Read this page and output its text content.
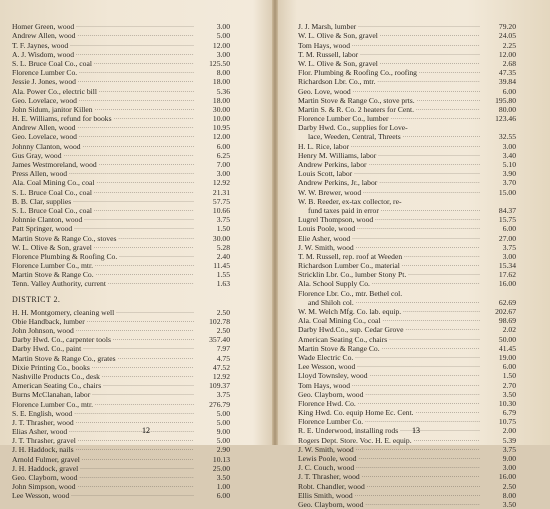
Homer Green, wood .....	3.00
Andrew Allen, wood .....	5.00
T. F. Jaynes, wood .....	12.00
A. J. Wisdom, wood .....	3.00
S. L. Bruce Coal Co., coal .....	125.50
Florence Lumber Co. .....	8.00
Jessie J. Jones, wood .....	18.00
Ala. Power Co., electric bill .....	5.36
Geo. Lovelace, wood .....	18.00
John Sidum, janitor Killen .....	30.00
H. E. Williams, refund for books .....	10.00
Andrew Allen, wood .....	10.95
Geo. Lovelace, wood .....	12.00
Johnny Clanton, wood .....	6.00
Gus Gray, wood .....	6.25
James Westmoreland, wood .....	7.00
Press Allen, wood .....	3.00
Ala. Coal Mining Co., coal .....	12.92
S. L. Bruce Coal Co., coal .....	21.31
B. B. Clar, supplies .....	57.75
S. L. Bruce Coal Co., coal .....	10.66
Johnnie Clanton, wood .....	3.75
Patt Springer, wood .....	1.50
Martin Stove & Range Co., stoves .....	30.00
W. L. Olive & Son, gravel .....	5.28
Florence Plumbing & Roofing Co. .....	2.40
Florence Lumber Co., mtr. .....	11.45
Martin Stove & Range Co. .....	1.55
Tenn. Valley Authority, current .....	1.63
DISTRICT 2.
H. H. Montgomery, cleaning well .....	2.50
Obie Handback, lumber .....	102.78
John Johnson, wood .....	2.50
Darby Hwd. Co., carpenter tools .....	357.40
Darby Hwd. Co., paint .....	7.97
Martin Stove & Range Co., grates .....	4.75
Dixie Printing Co., books .....	47.52
Nashville Products Co., desk .....	12.92
American Seating Co., chairs .....	109.37
Burns McClanahan, labor .....	3.75
Florence Lumber Co., mtr. .....	276.79
S. E. English, wood .....	5.00
J. T. Thrasher, wood .....	5.00
Elias Asher, wood .....	9.00
J. T. Thrasher, gravel .....	5.00
J. H. Haddock, nails .....	2.90
Arnold Fulmer, gravel .....	10.13
J. H. Haddock, gravel .....	25.00
Geo. Clayborn, wood .....	3.50
John Simpson, wood .....	1.00
Lee Wesson, wood .....	6.00
12
J. J. Marsh, lumber .....	79.20
W. L. Olive & Son, gravel .....	24.05
Tom Hays, wood .....	2.25
T. M. Russell, labor .....	12.00
W. L. Olive & Son, gravel .....	2.68
Flor. Plumbing & Roofing Co., roofing .....	47.35
Richardson Lbr. Co., mtr. .....	39.84
Geo. Love, wood .....	6.00
Martin Stove & Range Co., stove prts. .....	195.80
Martin S. & R. Co. 2 heaters for Cent. .....	80.00
Florence Lumber Co., lumber .....	123.46
Darby Hwd. Co., supplies for Love-
lace, Weeden, Central, Threets .....	32.55
H. L. Rice, labor .....	3.00
Henry M. Williams, labor .....	3.40
Andrew Perkins, labor .....	5.10
Louis Scott, labor .....	3.90
Andrew Perkins, Jr., labor .....	3.70
W. W. Brewer, wood .....	15.00
W. B. Reeder, ex-tax collector, re-
fund taxes paid in error .....	84.37
Lugrel Thompson, wood .....	15.75
Louis Poole, wood .....	6.00
Elie Asher, wood .....	27.00
J. W. Smith, wood .....	3.75
T. M. Russell, rep. roof at Weeden .....	3.00
Richardson Lumber Co., material .....	15.34
Stricklin Lbr. Co., lumber Stony Pt. .....	17.62
Ala. School Supply Co. .....	16.00
Florence Lbr. Co., mtr. Bethel col.
and Shiloh col. .....	62.69
W. M. Welch Mfg. Co. lab. equip. .....	202.67
Ala. Coal Mining Co., coal .....	98.69
Darby Hwd.Co., sup. Cedar Grove .....	2.02
American Seating Co., chairs .....	50.00
Martin Stove & Range Co. .....	41.45
Wade Electric Co. .....	19.00
Lee Wesson, wood .....	6.00
Lloyd Townsley, wood .....	1.50
Tom Hays, wood .....	2.70
Geo. Clayborn, wood .....	3.50
Florence Hwd. Co. .....	10.30
King Hwd. Co. equip Home Ec. Cent. .....	6.79
Florence Lumber Co. .....	10.75
R. E. Underwood, installing rods .....	2.00
Rogers Dept. Store. Voc. H. E. equip. .....	5.39
J. W. Smith, wood .....	3.75
Lewis Poole, wood .....	9.00
J. C. Couch, wood .....	3.00
J. T. Thrasher, wood .....	16.00
Robt. Chandler, wood .....	2.50
Ellis Smith, wood .....	8.00
Geo. Clayborn, wood .....	3.50
13
